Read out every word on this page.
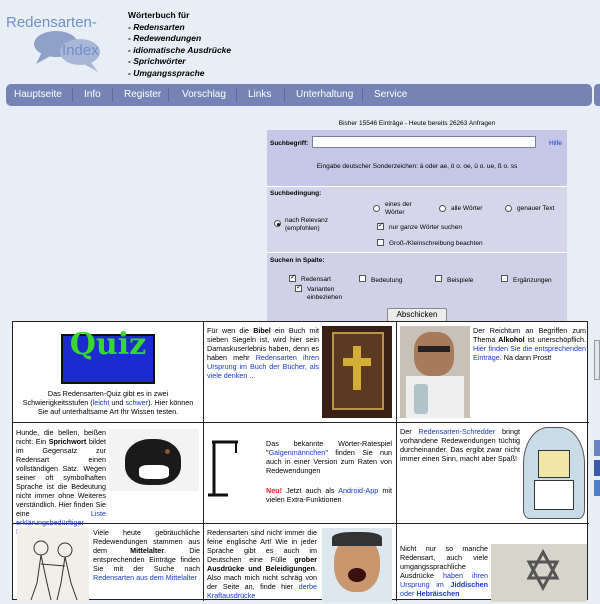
Redensarten-
Index
Wörterbuch für
- Redensarten
- Redewendungen
- idiomatische Ausdrücke
- Sprichwörter
- Umgangssprache
Hauptseite Info Register Vorschlag Links Unterhaltung Service
Bisher 15546 Einträge - Heute bereits 26263 Anfragen
Suchbegriff:	Hilfe
Eingabe deutscher Sonderzeichen: ä oder ae, ö o. oe, ü o. ue, ß o. ss
Suchbedingung:
nach Relevanz (empfohlen)
eines der Wörter
alle Wörter	genauer Text
✓
nur ganze Wörter suchen
Groß-/Kleinschreibung beachten
Suchen in Spalte:
✓
Redensart
✓
Varianten einbeziehen
Bedeutung	Beispiele	Ergänzungen
Abschicken
Quiz
Das Redensarten-Quiz gibt es in zwei Schwierigkeitsstufen (leicht und schwer). Hier können Sie auf unterhaltsame Art Ihr Wissen testen.
Für wen die Bibel ein Buch mit sieben Siegeln ist, wird hier sein Damaskuserlebnis haben, denn es haben mehr Redensarten ihren Ursprung im Buch der Bücher, als viele denken ...
Der Reichtum an Begriffen zum Thema Alkohol ist unerschöpflich. Hier finden Sie die entsprechenden Einträge. Na dann Prost!
Hunde, die bellen, beißen nicht: Ein Sprichwort bildet im Gegensatz zur Redensart einen vollständigen Satz. Wegen seiner oft symbolhaften Sprache ist die Bedeutung nicht immer ohne Weiteres verständlich. Hier finden Sie eine Liste erklärungsbedürftiger
Das bekannte Wörter-Ratespiel "Galgenmännchen" finden Sie nun auch in einer Version zum Raten von Redewendungen
Neu! Jetzt auch als Android-App mit vielen Extra-Funktionen
Der Redensarten-Schredder bringt vorhandene Redewendungen tüchtig durcheinander. Das ergibt zwar nicht immer einen Sinn, macht aber Spaß!
Viele heute gebräuchliche Redewendungen stammen aus dem Mittelalter. Die entsprechenden Einträge finden Sie mit der Suche nach Redensarten aus dem Mittelalter
Redensarten sind nicht immer die feine englische Art! Wie in jeder Sprache gibt es auch im Deutschen eine Fülle grober Ausdrücke und Beleidigungen. Also mach mich nicht schräg von der Seite an, finde hier derbe Kraftausdrücke
Nicht nur so manche Redensart, auch viele umgangssprachliche Ausdrücke haben ihren Ursprung im Jiddischen oder Hebräischen
